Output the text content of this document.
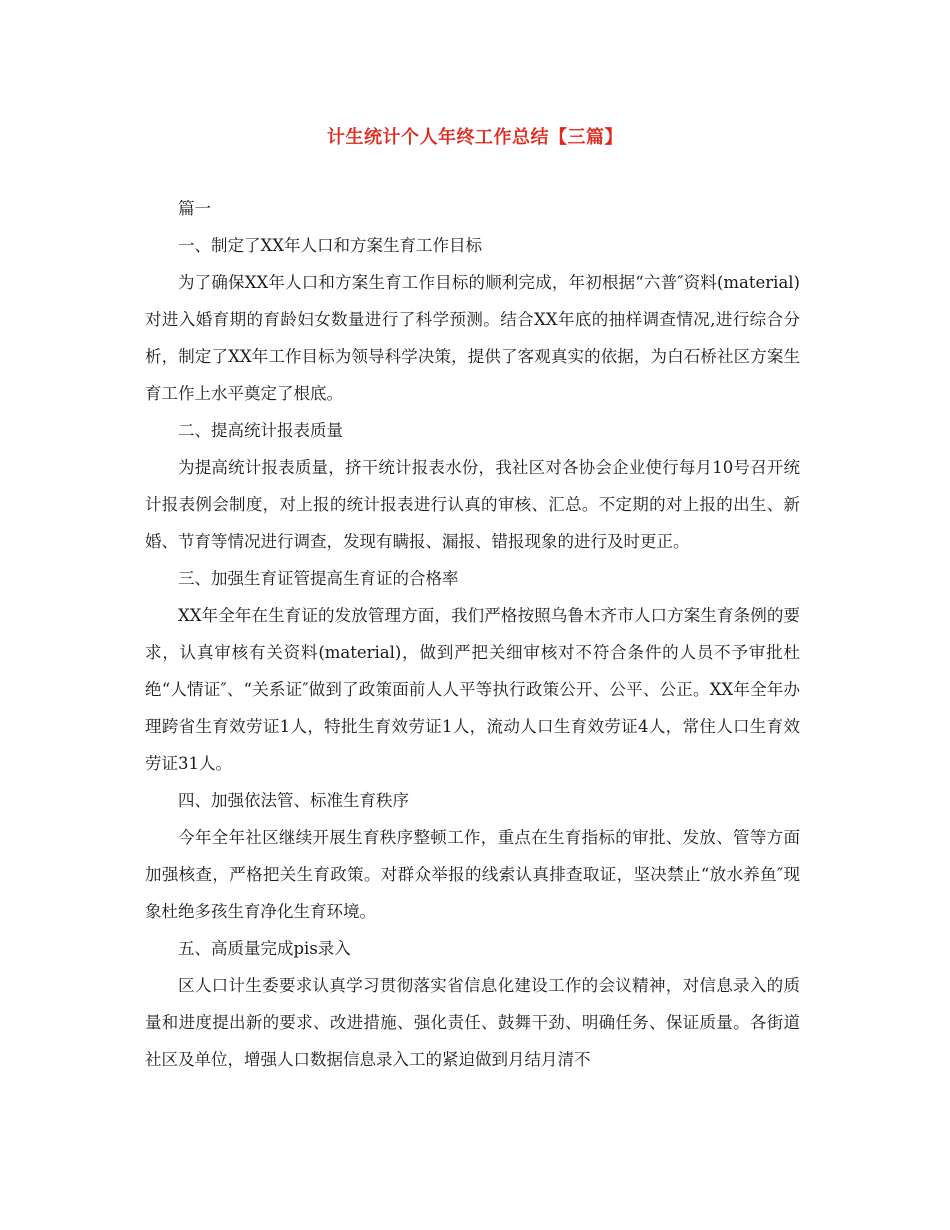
计生统计个人年终工作总结【三篇】

篇一

一、制定了XX年人口和方案生育工作目标

为了确保XX年人口和方案生育工作目标的顺利完成，年初根据“六普″资料(material)对进入婚育期的育龄妇女数量进行了科学预测。结合XX年底的抽样调查情况,进行综合分析，制定了XX年工作目标为领导科学决策，提供了客观真实的依据，为白石桥社区方案生育工作上水平奠定了根底。

二、提高统计报表质量

为提高统计报表质量，挤干统计报表水份，我社区对各协会企业使行每月10号召开统计报表例会制度，对上报的统计报表进行认真的审核、汇总。不定期的对上报的出生、新婚、节育等情况进行调查，发现有瞒报、漏报、错报现象的进行及时更正。

三、加强生育证管提高生育证的合格率

XX年全年在生育证的发放管理方面，我们严格按照乌鲁木齐市人口方案生育条例的要求，认真审核有关资料(material)，做到严把关细审核对不符合条件的人员不予审批杜绝“人情证″、“关系证″做到了政策面前人人平等执行政策公开、公平、公正。XX年全年办理跨省生育效劳证1人，特批生育效劳证1人，流动人口生育效劳证4人，常住人口生育效劳证31人。

四、加强依法管、标准生育秩序

今年全年社区继续开展生育秩序整顿工作，重点在生育指标的审批、发放、管等方面加强核查，严格把关生育政策。对群众举报的线索认真排查取证，坚决禁止“放水养鱼″现象杜绝多孩生育净化生育环境。

五、高质量完成pis录入

区人口计生委要求认真学习贯彻落实省信息化建设工作的会议精神，对信息录入的质量和进度提出新的要求、改进措施、强化责任、鼓舞干劲、明确任务、保证质量。各街道社区及单位，增强人口数据信息录入工的紧迫做到月结月清不
